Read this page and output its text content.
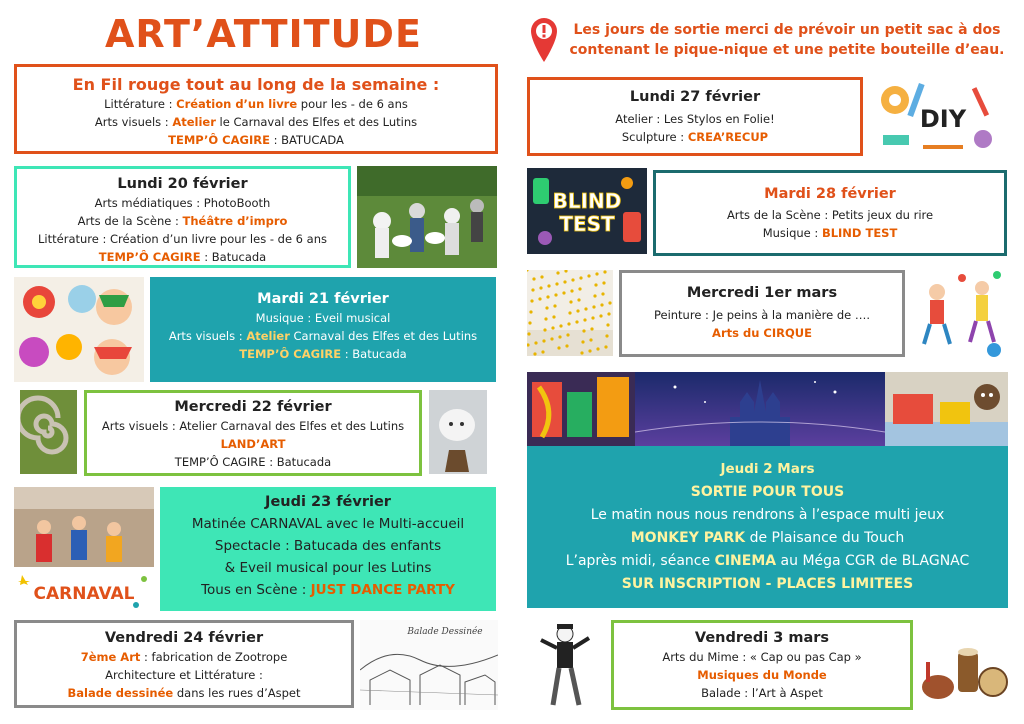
ART’ATTITUDE
En Fil rouge tout au long de la semaine :
Littérature : Création d’un livre pour les - de 6 ans
Arts visuels : Atelier le Carnaval des Elfes et des Lutins
TEMP’Ô CAGIRE : BATUCADA
Lundi 20 février
Arts médiatiques : PhotoBooth
Arts de la Scène : Théâtre d’impro
Littérature : Création d’un livre pour les - de 6 ans
TEMP’Ô CAGIRE : Batucada
Mardi 21 février
Musique : Eveil musical
Arts visuels : Atelier Carnaval des Elfes et des Lutins
TEMP’Ô CAGIRE : Batucada
Mercredi 22 février
Arts visuels : Atelier Carnaval des Elfes et des Lutins
LAND’ART
TEMP’Ô CAGIRE : Batucada
CARNAVAL
Jeudi 23 février
Matinée CARNAVAL avec le Multi-accueil
Spectacle : Batucada des enfants
& Eveil musical pour les Lutins
Tous en Scène : JUST DANCE PARTY
Vendredi 24 février
7ème Art : fabrication de Zootrope
Architecture et Littérature :
Balade dessinée dans les rues d’Aspet
Balade Dessinée
Les jours de sortie merci de prévoir un petit sac à dos
contenant le pique-nique et une petite bouteille d’eau.
Lundi 27 février
Atelier : Les Stylos en Folie!
Sculpture : CREA’RECUP
DIY
BLIND
TEST
Mardi 28 février
Arts de la Scène : Petits jeux du rire
Musique : BLIND TEST
Mercredi 1er mars
Peinture : Je peins à la manière de ….
Arts du CIRQUE
Jeudi 2 Mars
SORTIE POUR TOUS
Le matin nous nous rendrons à l’espace multi jeux
MONKEY PARK de Plaisance du Touch
L’après midi, séance CINEMA au Méga CGR de BLAGNAC
SUR INSCRIPTION - PLACES LIMITEES
Vendredi 3 mars
Arts du Mime : « Cap ou pas Cap »
Musiques du Monde
Balade : l’Art à Aspet
